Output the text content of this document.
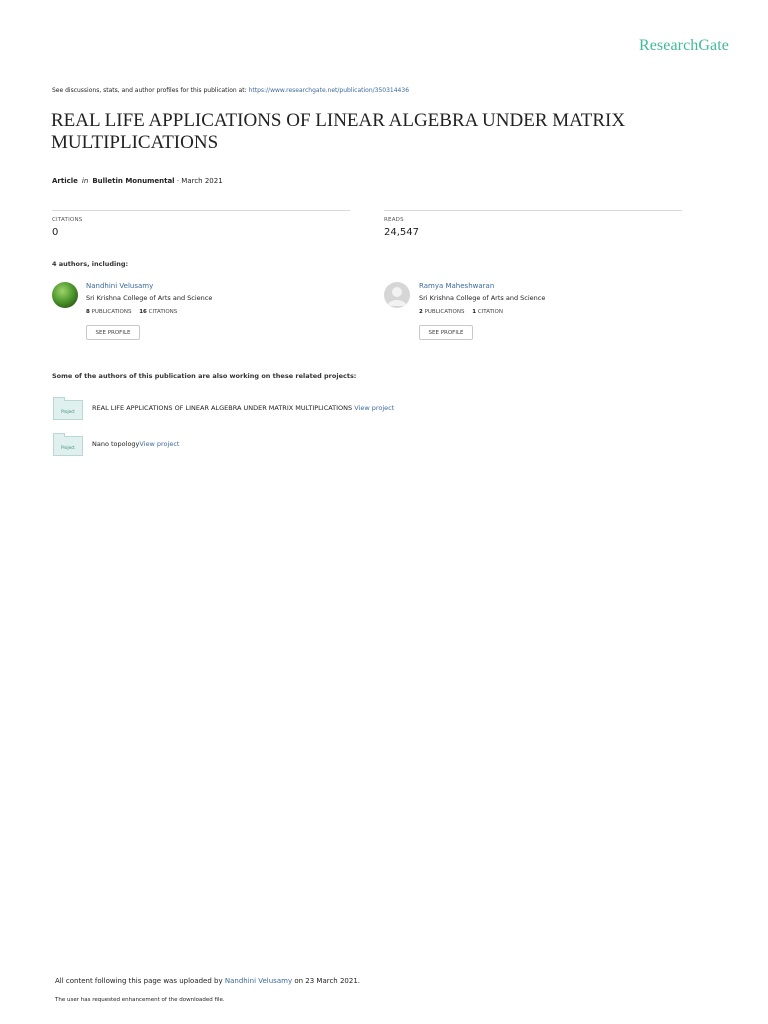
ResearchGate
See discussions, stats, and author profiles for this publication at: https://www.researchgate.net/publication/350314436
REAL LIFE APPLICATIONS OF LINEAR ALGEBRA UNDER MATRIX MULTIPLICATIONS
Article in Bulletin Monumental · March 2021
CITATIONS
0
READS
24,547
4 authors, including:
Nandhini Velusamy
Sri Krishna College of Arts and Science
8 PUBLICATIONS 16 CITATIONS
SEE PROFILE
Ramya Maheshwaran
Sri Krishna College of Arts and Science
2 PUBLICATIONS 1 CITATION
SEE PROFILE
Some of the authors of this publication are also working on these related projects:
Project	REAL LIFE APPLICATIONS OF LINEAR ALGEBRA UNDER MATRIX MULTIPLICATIONS View project
Project	Nano topologyView project
All content following this page was uploaded by Nandhini Velusamy on 23 March 2021.
The user has requested enhancement of the downloaded file.
